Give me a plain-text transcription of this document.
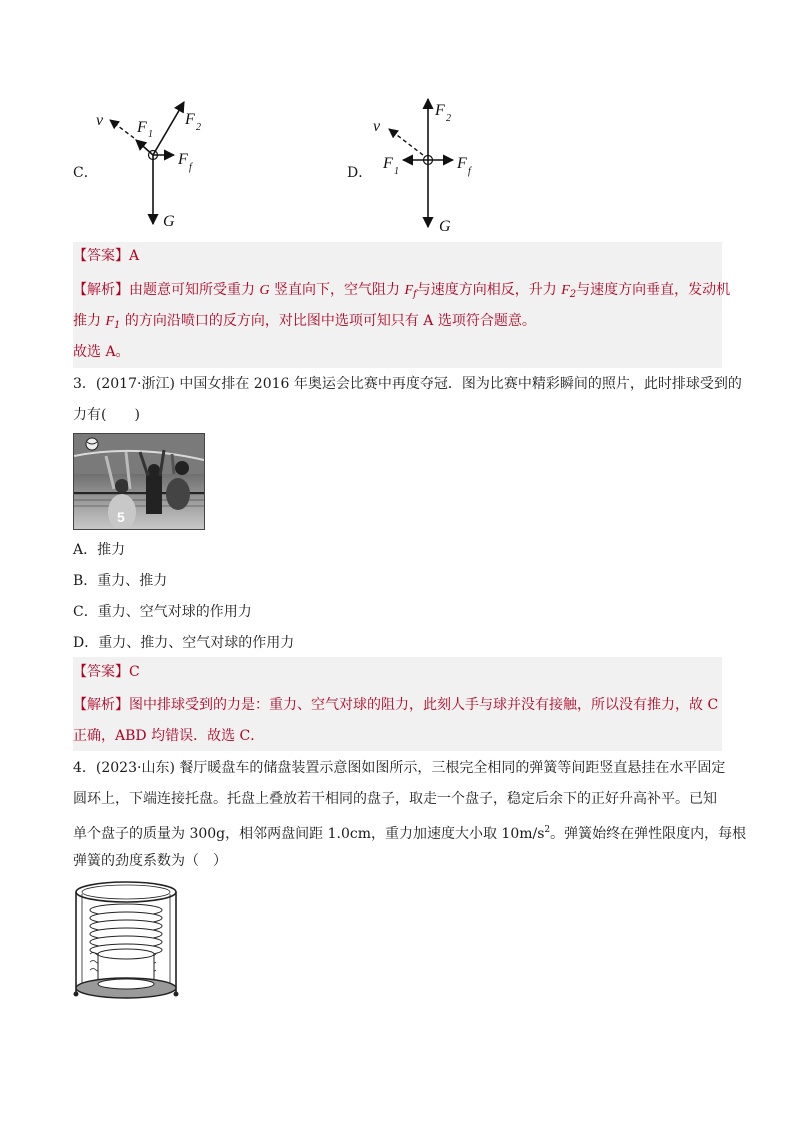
C．
v F 1
F 2
F f
G
D．
v
F 2
F 1	F f
G
【答案】A
【解析】由题意可知所受重力 G 竖直向下，空气阻力 $F_f$与速度方向相反，升力 $F_2$与速度方向垂直，发动机
推力 $F_1$ 的方向沿喷口的反方向，对比图中选项可知只有 A 选项符合题意。
故选 A。
3．(2017·浙江) 中国女排在 2016 年奥运会比赛中再度夺冠．图为比赛中精彩瞬间的照片，此时排球受到的
力有(　　)
5
A．推力
B．重力、推力
C．重力、空气对球的作用力
D．重力、推力、空气对球的作用力
【答案】C
【解析】图中排球受到的力是：重力、空气对球的阻力，此刻人手与球并没有接触，所以没有推力，故 C
正确，ABD 均错误．故选 C．
4．(2023·山东) 餐厅暖盘车的储盘装置示意图如图所示，三根完全相同的弹簧等间距竖直悬挂在水平固定
圆环上，下端连接托盘。托盘上叠放若干相同的盘子，取走一个盘子，稳定后余下的正好升高补平。已知
单个盘子的质量为 300g，相邻两盘间距 1.0cm，重力加速度大小取 $10m/s^2$。弹簧始终在弹性限度内，每根
弹簧的劲度系数为（　）
